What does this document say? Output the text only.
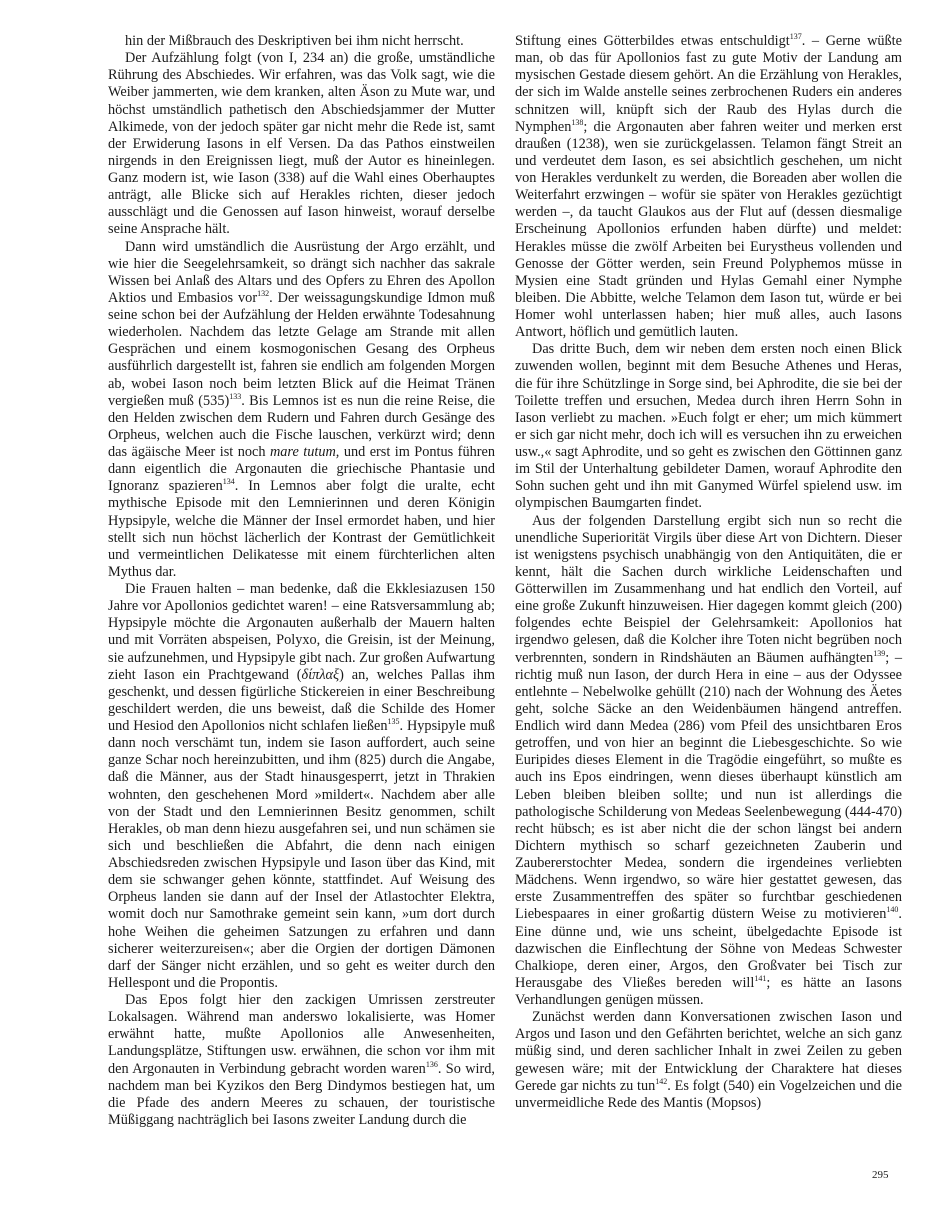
hin der Mißbrauch des Deskriptiven bei ihm nicht herrscht.

Der Aufzählung folgt (von I, 234 an) die große, umständliche Rührung des Abschiedes. Wir erfahren, was das Volk sagt, wie die Weiber jammerten, wie dem kranken, alten Äson zu Mute war, und höchst umständlich pathetisch den Abschiedsjammer der Mutter Alkimede, von der jedoch später gar nicht mehr die Rede ist, samt der Erwiderung Iasons in elf Versen. Da das Pathos einstweilen nirgends in den Ereignissen liegt, muß der Autor es hineinlegen. Ganz modern ist, wie Iason (338) auf die Wahl eines Oberhauptes anträgt, alle Blicke sich auf Herakles richten, dieser jedoch ausschlägt und die Genossen auf Iason hinweist, worauf derselbe seine Ansprache hält.

Dann wird umständlich die Ausrüstung der Argo erzählt, und wie hier die Seegelehrsamkeit, so drängt sich nachher das sakrale Wissen bei Anlaß des Altars und des Opfers zu Ehren des Apollon Aktios und Embasios vor$^{132}$. Der weissagungskundige Idmon muß seine schon bei der Aufzählung der Helden erwähnte Todesahnung wiederholen. Nachdem das letzte Gelage am Strande mit allen Gesprächen und einem kosmogonischen Gesang des Orpheus ausführlich dargestellt ist, fahren sie endlich am folgenden Morgen ab, wobei Iason noch beim letzten Blick auf die Heimat Tränen vergießen muß $(535)^{133}$. Bis Lemnos ist es nun die reine Reise, die den Helden zwischen dem Rudern und Fahren durch Gesänge des Orpheus, welchen auch die Fische lauschen, verkürzt wird; denn das ägäische Meer ist noch mare tutum, und erst im Pontus führen dann eigentlich die Argonauten die griechische Phantasie und Ignoranz spazieren$^{134}$. In Lemnos aber folgt die uralte, echt mythische Episode mit den Lemnierinnen und deren Königin Hypsipyle, welche die Männer der Insel ermordet haben, und hier stellt sich nun höchst lächerlich der Kontrast der Gemütlichkeit und vermeintlichen Delikatesse mit einem fürchterlichen alten Mythus dar.

Die Frauen halten – man bedenke, daß die Ekklesiazusen 150 Jahre vor Apollonios gedichtet waren! – eine Ratsversammlung ab; Hypsipyle möchte die Argonauten außerhalb der Mauern halten und mit Vorräten abspeisen, Polyxo, die Greisin, ist der Meinung, sie aufzunehmen, und Hypsipyle gibt nach. Zur großen Aufwartung zieht Iason ein Prachtgewand (δίπλαξ) an, welches Pallas ihm geschenkt, und dessen figürliche Stickereien in einer Beschreibung geschildert werden, die uns beweist, daß die Schilde des Homer und Hesiod den Apollonios nicht schlafen ließen$^{135}$. Hypsipyle muß dann noch verschämt tun, indem sie Iason auffordert, auch seine ganze Schar noch hereinzubitten, und ihm (825) durch die Angabe, daß die Männer, aus der Stadt hinausgesperrt, jetzt in Thrakien wohnten, den geschehenen Mord »mildert«. Nachdem aber alle von der Stadt und den Lemnierinnen Besitz genommen, schilt Herakles, ob man denn hiezu ausgefahren sei, und nun schämen sie sich und beschließen die Abfahrt, die denn nach einigen Abschiedsreden zwischen Hypsipyle und Iason über das Kind, mit dem sie schwanger gehen könnte, stattfindet. Auf Weisung des Orpheus landen sie dann auf der Insel der Atlastochter Elektra, womit doch nur Samothrake gemeint sein kann, »um dort durch hohe Weihen die geheimen Satzungen zu erfahren und dann sicherer weiterzureisen«; aber die Orgien der dortigen Dämonen darf der Sänger nicht erzählen, und so geht es weiter durch den Hellespont und die Propontis.

Das Epos folgt hier den zackigen Umrissen zerstreuter Lokalsagen. Während man anderswo lokalisierte, was Homer erwähnt hatte, mußte Apollonios alle Anwesenheiten, Landungsplätze, Stiftungen usw. erwähnen, die schon vor ihm mit den Argonauten in Verbindung gebracht worden waren$^{136}$. So wird, nachdem man bei Kyzikos den Berg Dindymos bestiegen hat, um die Pfade des andern Meeres zu schauen, der touristische Müßiggang nachträglich bei Iasons zweiter Landung durch die

Stiftung eines Götterbildes etwas entschuldigt$^{137}$. – Gerne wüßte man, ob das für Apollonios fast zu gute Motiv der Landung am mysischen Gestade diesem gehört. An die Erzählung von Herakles, der sich im Walde anstelle seines zerbrochenen Ruders ein anderes schnitzen will, knüpft sich der Raub des Hylas durch die Nymphen$^{138}$; die Argonauten aber fahren weiter und merken erst draußen (1238), wen sie zurückgelassen. Telamon fängt Streit an und verdeutet dem Iason, es sei absichtlich geschehen, um nicht von Herakles verdunkelt zu werden, die Boreaden aber wollen die Weiterfahrt erzwingen – wofür sie später von Herakles gezüchtigt werden –, da taucht Glaukos aus der Flut auf (dessen diesmalige Erscheinung Apollonios erfunden haben dürfte) und meldet: Herakles müsse die zwölf Arbeiten bei Eurystheus vollenden und Genosse der Götter werden, sein Freund Polyphemos müsse in Mysien eine Stadt gründen und Hylas Gemahl einer Nymphe bleiben. Die Abbitte, welche Telamon dem Iason tut, würde er bei Homer wohl unterlassen haben; hier muß alles, auch Iasons Antwort, höflich und gemütlich lauten.

Das dritte Buch, dem wir neben dem ersten noch einen Blick zuwenden wollen, beginnt mit dem Besuche Athenes und Heras, die für ihre Schützlinge in Sorge sind, bei Aphrodite, die sie bei der Toilette treffen und ersuchen, Medea durch ihren Herrn Sohn in Iason verliebt zu machen. »Euch folgt er eher; um mich kümmert er sich gar nicht mehr, doch ich will es versuchen ihn zu erweichen usw.,« sagt Aphrodite, und so geht es zwischen den Göttinnen ganz im Stil der Unterhaltung gebildeter Damen, worauf Aphrodite den Sohn suchen geht und ihn mit Ganymed Würfel spielend usw. im olympischen Baumgarten findet.

Aus der folgenden Darstellung ergibt sich nun so recht die unendliche Superiorität Virgils über diese Art von Dichtern. Dieser ist wenigstens psychisch unabhängig von den Antiquitäten, die er kennt, hält die Sachen durch wirkliche Leidenschaften und Götterwillen im Zusammenhang und hat endlich den Vorteil, auf eine große Zukunft hinzuweisen. Hier dagegen kommt gleich (200) folgendes echte Beispiel der Gelehrsamkeit: Apollonios hat irgendwo gelesen, daß die Kolcher ihre Toten nicht begrüben noch verbrennten, sondern in Rindshäuten an Bäumen aufhängten$^{139}$; – richtig muß nun Iason, der durch Hera in eine – aus der Odyssee entlehnte – Nebelwolke gehüllt (210) nach der Wohnung des Äetes geht, solche Säcke an den Weidenbäumen hängend antreffen. Endlich wird dann Medea (286) vom Pfeil des unsichtbaren Eros getroffen, und von hier an beginnt die Liebesgeschichte. So wie Euripides dieses Element in die Tragödie eingeführt, so mußte es auch ins Epos eindringen, wenn dieses überhaupt künstlich am Leben bleiben bleiben sollte; und nun ist allerdings die pathologische Schilderung von Medeas Seelenbewegung (444-470) recht hübsch; es ist aber nicht die der schon längst bei andern Dichtern mythisch so scharf gezeichneten Zauberin und Zaubererstochter Medea, sondern die irgendeines verliebten Mädchens. Wenn irgendwo, so wäre hier gestattet gewesen, das erste Zusammentreffen des später so furchtbar geschiedenen Liebespaares in einer großartig düstern Weise zu motivieren$^{140}$. Eine dünne und, wie uns scheint, übelgedachte Episode ist dazwischen die Einflechtung der Söhne von Medeas Schwester Chalkiope, deren einer, Argos, den Großvater bei Tisch zur Herausgabe des Vließes bereden will$^{141}$; es hätte an Iasons Verhandlungen genügen müssen.

Zunächst werden dann Konversationen zwischen Iason und Argos und Iason und den Gefährten berichtet, welche an sich ganz müßig sind, und deren sachlicher Inhalt in zwei Zeilen zu geben gewesen wäre; mit der Entwicklung der Charaktere hat dieses Gerede gar nichts zu tun$^{142}$. Es folgt (540) ein Vogelzeichen und die unvermeidliche Rede des Mantis (Mopsos)

295
